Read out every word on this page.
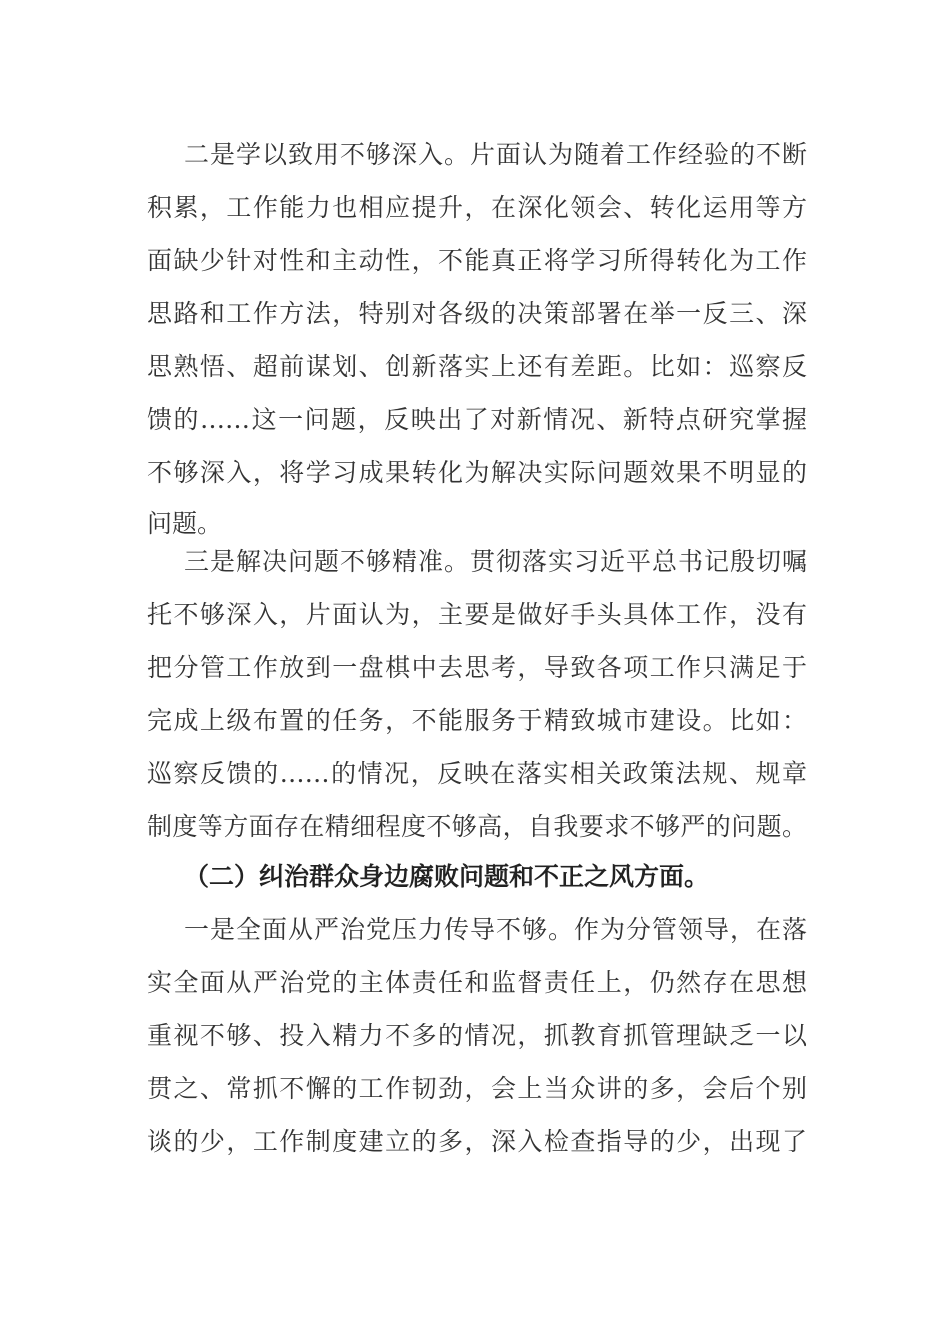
二是学以致用不够深入。片面认为随着工作经验的不断
积累，工作能力也相应提升，在深化领会、转化运用等方
面缺少针对性和主动性，不能真正将学习所得转化为工作
思路和工作方法，特别对各级的决策部署在举一反三、深
思熟悟、超前谋划、创新落实上还有差距。比如：巡察反
馈的……这一问题，反映出了对新情况、新特点研究掌握
不够深入，将学习成果转化为解决实际问题效果不明显的
问题。
三是解决问题不够精准。贯彻落实习近平总书记殷切嘱
托不够深入，片面认为，主要是做好手头具体工作，没有
把分管工作放到一盘棋中去思考，导致各项工作只满足于
完成上级布置的任务，不能服务于精致城市建设。比如：
巡察反馈的……的情况，反映在落实相关政策法规、规章
制度等方面存在精细程度不够高，自我要求不够严的问题。
（二）纠治群众身边腐败问题和不正之风方面。
一是全面从严治党压力传导不够。作为分管领导，在落
实全面从严治党的主体责任和监督责任上，仍然存在思想
重视不够、投入精力不多的情况，抓教育抓管理缺乏一以
贯之、常抓不懈的工作韧劲，会上当众讲的多，会后个别
谈的少，工作制度建立的多，深入检查指导的少，出现了
